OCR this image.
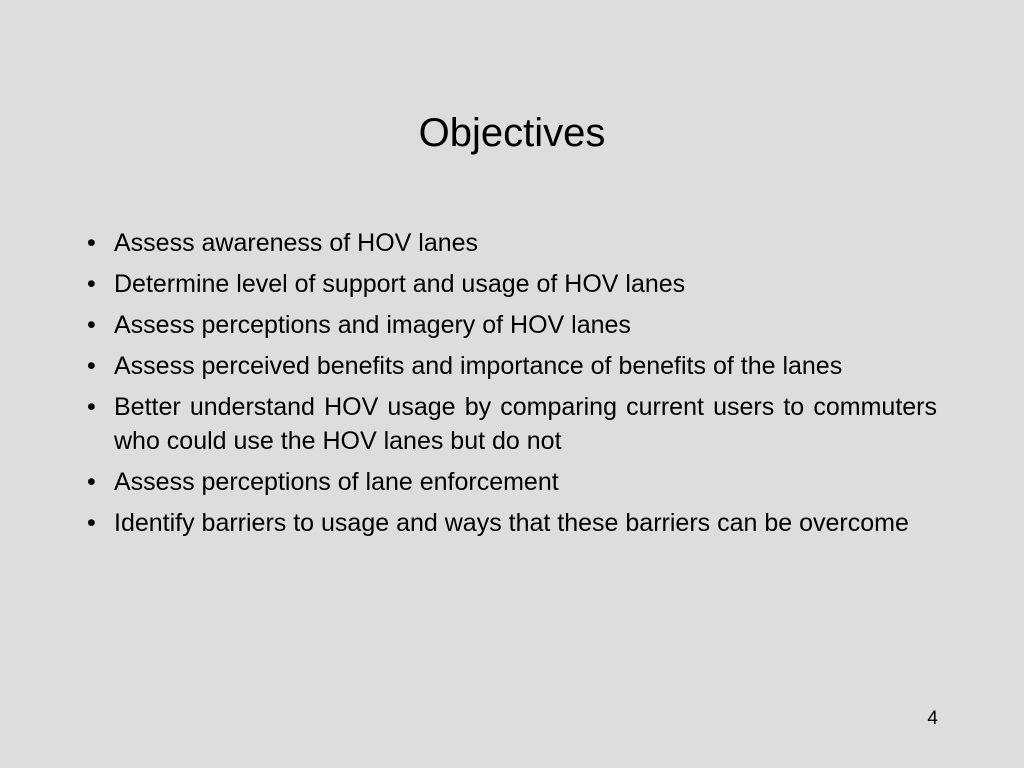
Objectives
• Assess awareness of HOV lanes
• Determine level of support and usage of HOV lanes
• Assess perceptions and imagery of HOV lanes
• Assess perceived benefits and importance of benefits of the lanes
• Better understand HOV usage by comparing current users to commuters who could use the HOV lanes but do not
• Assess perceptions of lane enforcement
• Identify barriers to usage and ways that these barriers can be overcome
4
